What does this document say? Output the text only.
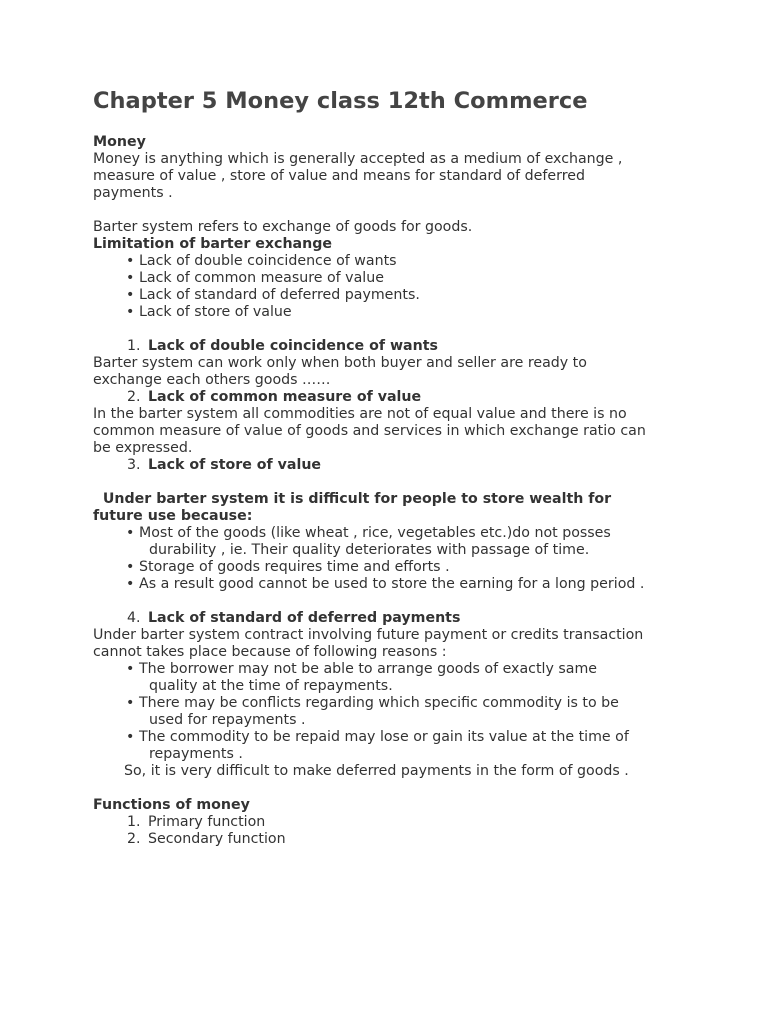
Chapter 5 Money class 12th Commerce

Money

Money is anything which is generally accepted as a medium of exchange ,
measure of value , store of value and means for standard of deferred
payments .

Barter system refers to exchange of goods for goods.

Limitation of barter exchange

• Lack of double coincidence of wants
• Lack of common measure of value
• Lack of standard of deferred payments.
• Lack of store of value
1. Lack of double coincidence of wants

Barter system can work only when both buyer and seller are ready to
exchange each others goods ……

2. Lack of common measure of value

In the barter system all commodities are not of equal value and there is no
common measure of value of goods and services in which exchange ratio can
be expressed.

3. Lack of store of value

Under barter system it is difficult for people to store wealth for
future use because:

• Most of the goods (like wheat , rice, vegetables etc.)do not posses
durability , ie. Their quality deteriorates with passage of time.
• Storage of goods requires time and efforts .
• As a result good cannot be used to store the earning for a long period .
4. Lack of standard of deferred payments

Under barter system contract involving future payment or credits transaction
cannot takes place because of following reasons :

• The borrower may not be able to arrange goods of exactly same
quality at the time of repayments.
• There may be conflicts regarding which specific commodity is to be
used for repayments .
• The commodity to be repaid may lose or gain its value at the time of
repayments .

So, it is very difficult to make deferred payments in the form of goods .

Functions of money

1. Primary function
2. Secondary function
